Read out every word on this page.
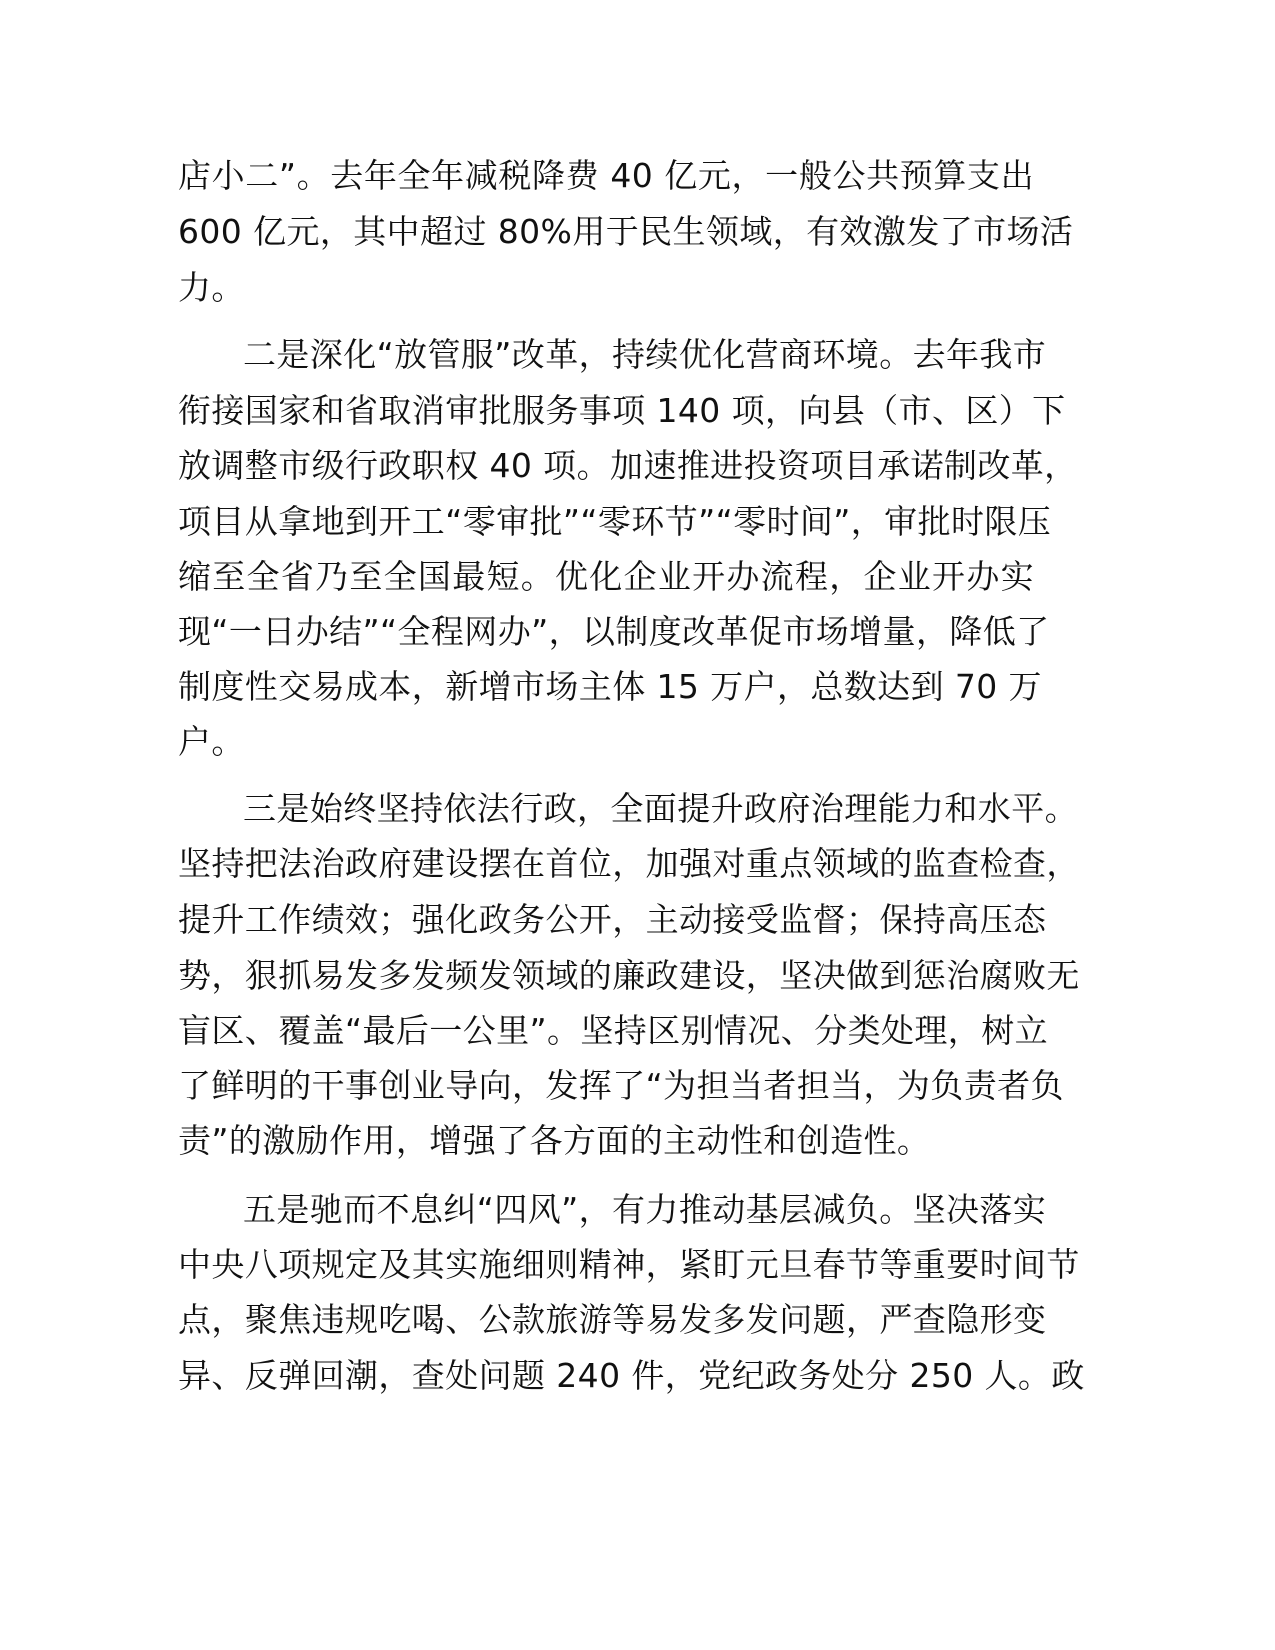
店小二”。去年全年减税降费 40 亿元，一般公共预算支出
600 亿元，其中超过 80%用于民生领域，有效激发了市场活
力。
二是深化“放管服”改革，持续优化营商环境。去年我市
衔接国家和省取消审批服务事项 140 项，向县（市、区）下
放调整市级行政职权 40 项。加速推进投资项目承诺制改革，
项目从拿地到开工“零审批”“零环节”“零时间”，审批时限压
缩至全省乃至全国最短。优化企业开办流程，企业开办实
现“一日办结”“全程网办”，以制度改革促市场增量，降低了
制度性交易成本，新增市场主体 15 万户，总数达到 70 万
户。
三是始终坚持依法行政，全面提升政府治理能力和水平。
坚持把法治政府建设摆在首位，加强对重点领域的监查检查，
提升工作绩效；强化政务公开，主动接受监督；保持高压态
势，狠抓易发多发频发领域的廉政建设，坚决做到惩治腐败无
盲区、覆盖“最后一公里”。坚持区别情况、分类处理，树立
了鲜明的干事创业导向，发挥了“为担当者担当，为负责者负
责”的激励作用，增强了各方面的主动性和创造性。
五是驰而不息纠“四风”，有力推动基层减负。坚决落实
中央八项规定及其实施细则精神，紧盯元旦春节等重要时间节
点，聚焦违规吃喝、公款旅游等易发多发问题，严查隐形变
异、反弹回潮，查处问题 240 件，党纪政务处分 250 人。政
